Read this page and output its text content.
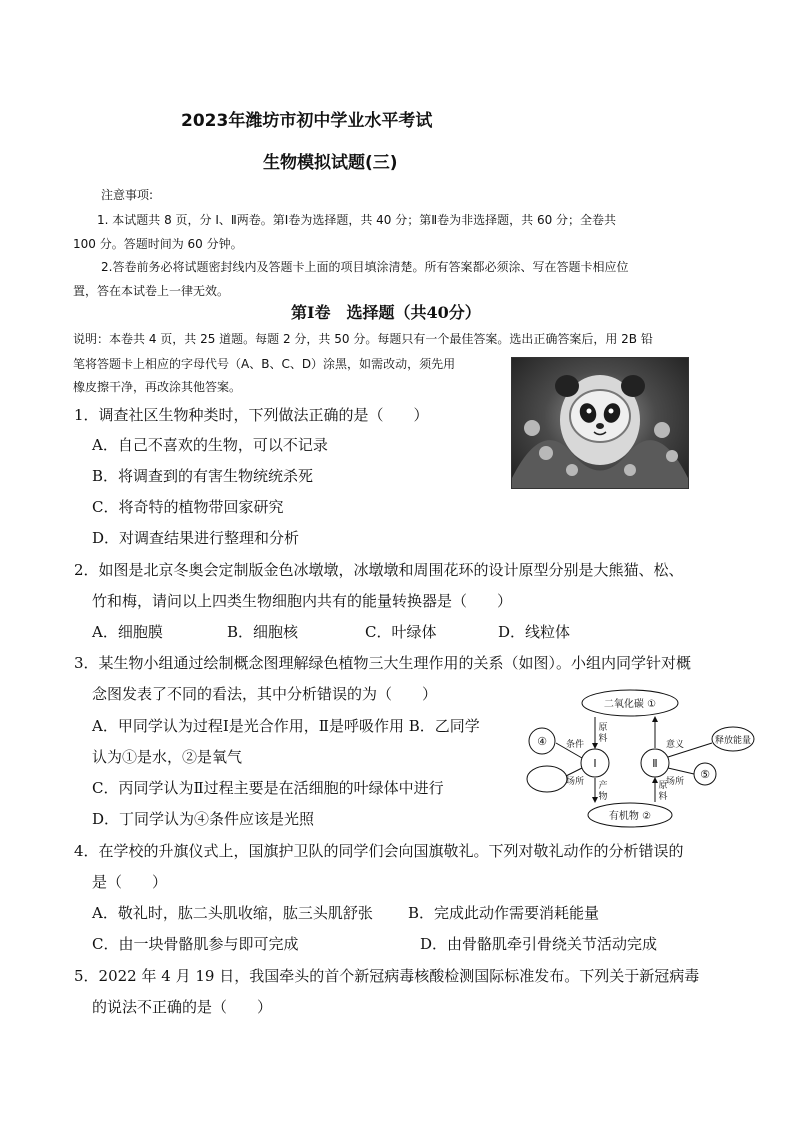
2023年潍坊市初中学业水平考试
生物模拟试题(三)
注意事项:
1. 本试题共 8 页，分 Ⅰ、Ⅱ两卷。第Ⅰ卷为选择题，共 40 分；第Ⅱ卷为非选择题，共 60 分；全卷共
100 分。答题时间为 60 分钟。
2.答卷前务必将试题密封线内及答题卡上面的项目填涂清楚。所有答案都必须涂、写在答题卡相应位
置，答在本试卷上一律无效。
第Ⅰ卷　选择题（共40分）
说明：本卷共 4 页，共 25 道题。每题 2 分，共 50 分。每题只有一个最佳答案。选出正确答案后，用 2B 铅
笔将答题卡上相应的字母代号（A、B、C、D）涂黑，如需改动，须先用
橡皮擦干净，再改涂其他答案。
1．调查社区生物种类时，下列做法正确的是（　　）
A．自己不喜欢的生物，可以不记录
B．将调查到的有害生物统统杀死
C．将奇特的植物带回家研究
D．对调查结果进行整理和分析
2．如图是北京冬奥会定制版金色冰墩墩，冰墩墩和周围花环的设计原型分别是大熊猫、松、
竹和梅，请问以上四类生物细胞内共有的能量转换器是（　　）
A．细胞膜	B．细胞核	C．叶绿体	D．线粒体
3．某生物小组通过绘制概念图理解绿色植物三大生理作用的关系（如图）。小组内同学针对概
念图发表了不同的看法，其中分析错误的为（　　）
A．甲同学认为过程Ⅰ是光合作用，Ⅱ是呼吸作用 B．乙同学
认为①是水，②是氧气
C．丙同学认为Ⅱ过程主要是在活细胞的叶绿体中进行
D．丁同学认为④条件应该是光照
二氧化碳 ①
有机物 ②
Ⅰ	Ⅱ
④
⑤
释放能量
条件
场所	场所
意义
原
料
产
物
原
料
4．在学校的升旗仪式上，国旗护卫队的同学们会向国旗敬礼。下列对敬礼动作的分析错误的
是（　　）
A．敬礼时，肱二头肌收缩，肱三头肌舒张 B．完成此动作需要消耗能量
C．由一块骨骼肌参与即可完成	D．由骨骼肌牵引骨绕关节活动完成
5．2022 年 4 月 19 日，我国牵头的首个新冠病毒核酸检测国际标准发布。下列关于新冠病毒
的说法不正确的是（　　）
